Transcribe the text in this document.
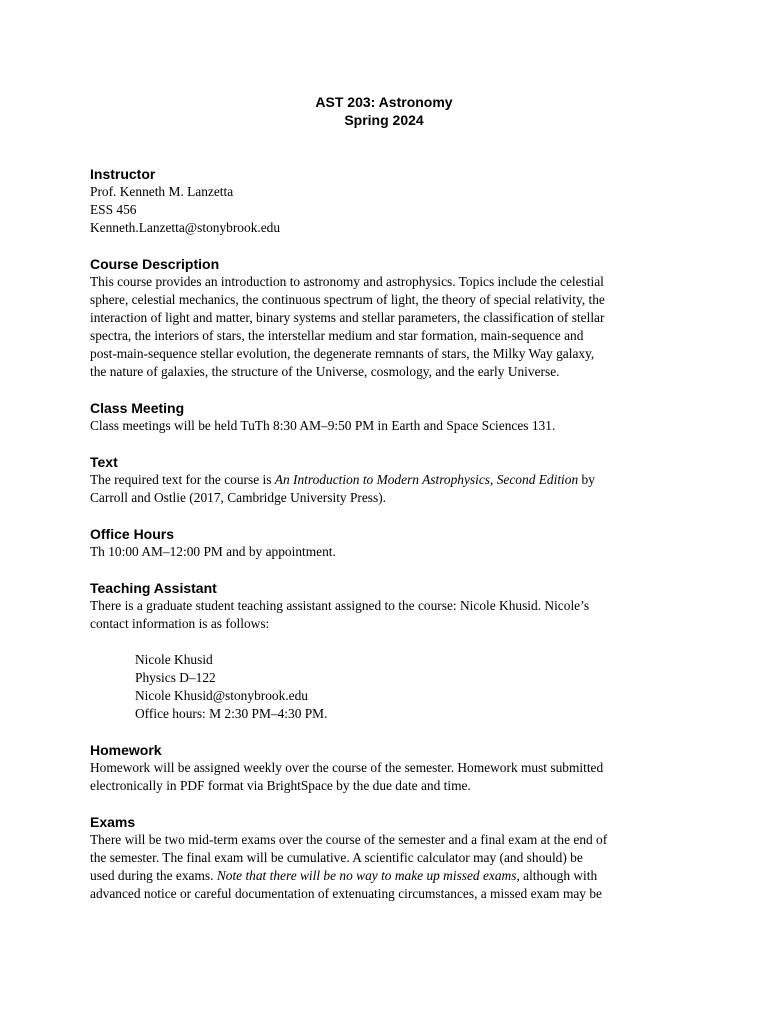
AST 203: Astronomy
Spring 2024
Instructor
Prof. Kenneth M. Lanzetta
ESS 456
Kenneth.Lanzetta@stonybrook.edu
Course Description
This course provides an introduction to astronomy and astrophysics. Topics include the celestial
sphere, celestial mechanics, the continuous spectrum of light, the theory of special relativity, the
interaction of light and matter, binary systems and stellar parameters, the classification of stellar
spectra, the interiors of stars, the interstellar medium and star formation, main-sequence and
post-main-sequence stellar evolution, the degenerate remnants of stars, the Milky Way galaxy,
the nature of galaxies, the structure of the Universe, cosmology, and the early Universe.
Class Meeting
Class meetings will be held TuTh 8:30 AM–9:50 PM in Earth and Space Sciences 131.
Text
The required text for the course is An Introduction to Modern Astrophysics, Second Edition by
Carroll and Ostlie (2017, Cambridge University Press).
Office Hours
Th 10:00 AM–12:00 PM and by appointment.
Teaching Assistant
There is a graduate student teaching assistant assigned to the course: Nicole Khusid. Nicole’s
contact information is as follows:
Nicole Khusid
Physics D–122
Nicole Khusid@stonybrook.edu
Office hours: M 2:30 PM–4:30 PM.
Homework
Homework will be assigned weekly over the course of the semester. Homework must submitted
electronically in PDF format via BrightSpace by the due date and time.
Exams
There will be two mid-term exams over the course of the semester and a final exam at the end of
the semester. The final exam will be cumulative. A scientific calculator may (and should) be
used during the exams. Note that there will be no way to make up missed exams, although with
advanced notice or careful documentation of extenuating circumstances, a missed exam may be
